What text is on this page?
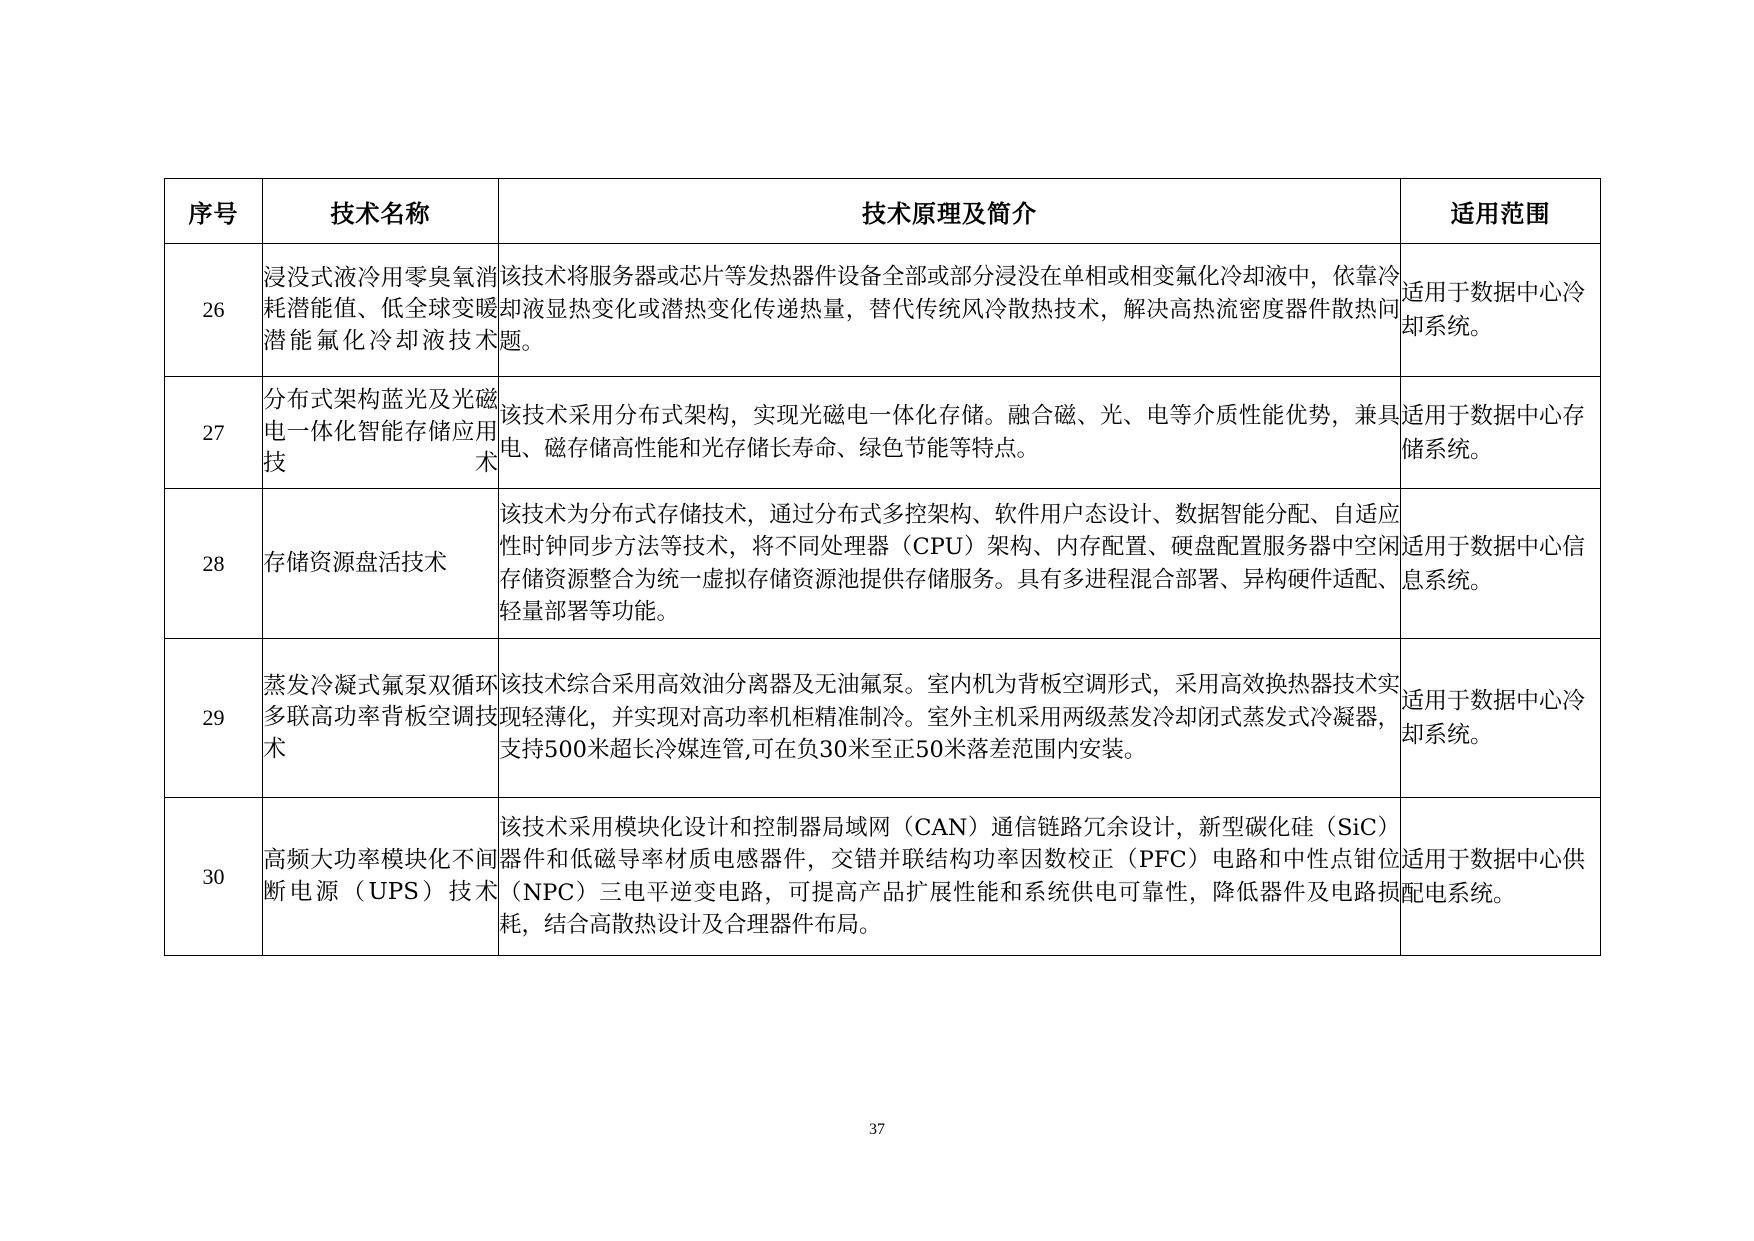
序号	技术名称	技术原理及简介	适用范围
26	浸没式液冷用零臭氧消耗潜能值、低全球变暖潜能氟化冷却液技术	该技术将服务器或芯片等发热器件设备全部或部分浸没在单相或相变氟化冷却液中，依靠冷却液显热变化或潜热变化传递热量，替代传统风冷散热技术，解决高热流密度器件散热问题。	适用于数据中心冷却系统。
27	分布式架构蓝光及光磁电一体化智能存储应用技术	该技术采用分布式架构，实现光磁电一体化存储。融合磁、光、电等介质性能优势，兼具电、磁存储高性能和光存储长寿命、绿色节能等特点。	适用于数据中心存储系统。
28	存储资源盘活技术	该技术为分布式存储技术，通过分布式多控架构、软件用户态设计、数据智能分配、自适应性时钟同步方法等技术，将不同处理器（CPU）架构、内存配置、硬盘配置服务器中空闲存储资源整合为统一虚拟存储资源池提供存储服务。具有多进程混合部署、异构硬件适配、轻量部署等功能。	适用于数据中心信息系统。
29	蒸发冷凝式氟泵双循环多联高功率背板空调技术	该技术综合采用高效油分离器及无油氟泵。室内机为背板空调形式，采用高效换热器技术实现轻薄化，并实现对高功率机柜精准制冷。室外主机采用两级蒸发冷却闭式蒸发式冷凝器，支持500米超长冷媒连管,可在负30米至正50米落差范围内安装。	适用于数据中心冷却系统。
30	高频大功率模块化不间断电源（UPS）技术	该技术采用模块化设计和控制器局域网（CAN）通信链路冗余设计，新型碳化硅（SiC）器件和低磁导率材质电感器件，交错并联结构功率因数校正（PFC）电路和中性点钳位（NPC）三电平逆变电路，可提高产品扩展性能和系统供电可靠性，降低器件及电路损耗，结合高散热设计及合理器件布局。	适用于数据中心供配电系统。
37
